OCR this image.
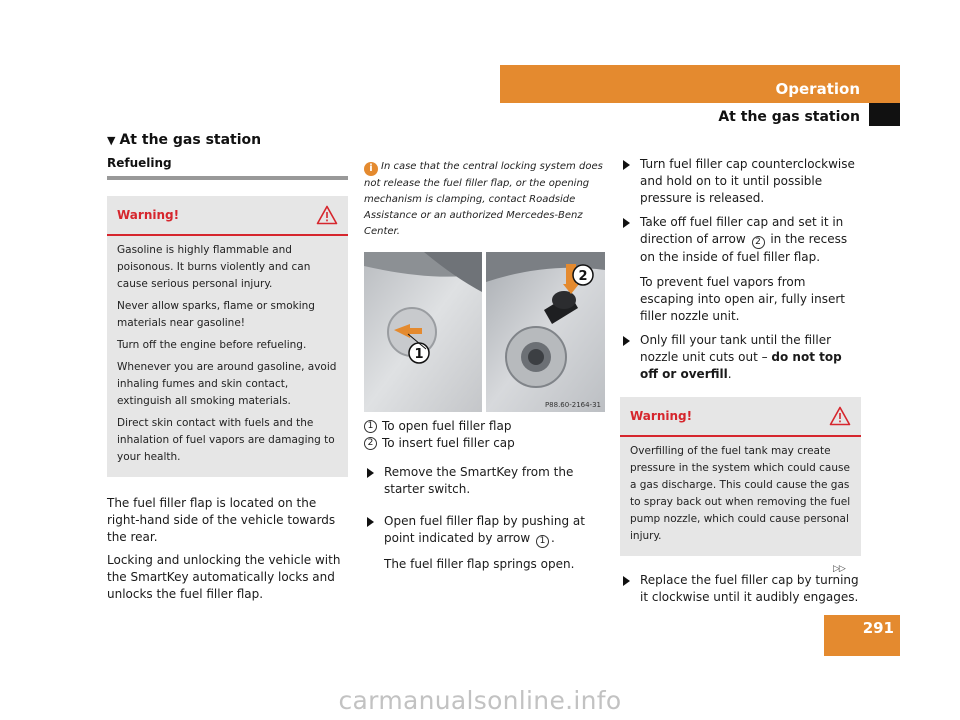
Operation
At the gas station
▼ At the gas station
Refueling
Warning!

Gasoline is highly flammable and poisonous. It burns violently and can cause serious personal injury.

Never allow sparks, flame or smoking materials near gasoline!

Turn off the engine before refueling.

Whenever you are around gasoline, avoid inhaling fumes and skin contact, extinguish all smoking materials.

Direct skin contact with fuels and the inhalation of fuel vapors are damaging to your health.

The fuel filler flap is located on the right-hand side of the vehicle towards the rear.

Locking and unlocking the vehicle with the SmartKey automatically locks and unlocks the fuel filler flap.

i In case that the central locking system does not release the fuel filler flap, or the opening mechanism is clamping, contact Roadside Assistance or an authorized Mercedes-Benz Center.
1
2
P88.60-2164-31
1 To open fuel filler flap
2 To insert fuel filler cap
Remove the SmartKey from the starter switch.
Open fuel filler flap by pushing at point indicated by arrow 1 .
The fuel filler flap springs open.
Turn fuel filler cap counterclockwise and hold on to it until possible pressure is released.
Take off fuel filler cap and set it in direction of arrow 2 in the recess on the inside of fuel filler flap.
To prevent fuel vapors from escaping into open air, fully insert filler nozzle unit.
Only fill your tank until the filler nozzle unit cuts out – do not top off or overfill.
Warning!

Overfilling of the fuel tank may create pressure in the system which could cause a gas discharge. This could cause the gas to spray back out when removing the fuel pump nozzle, which could cause personal injury.

Replace the fuel filler cap by turning it clockwise until it audibly engages.
▷▷
291
carmanualsonline.info
